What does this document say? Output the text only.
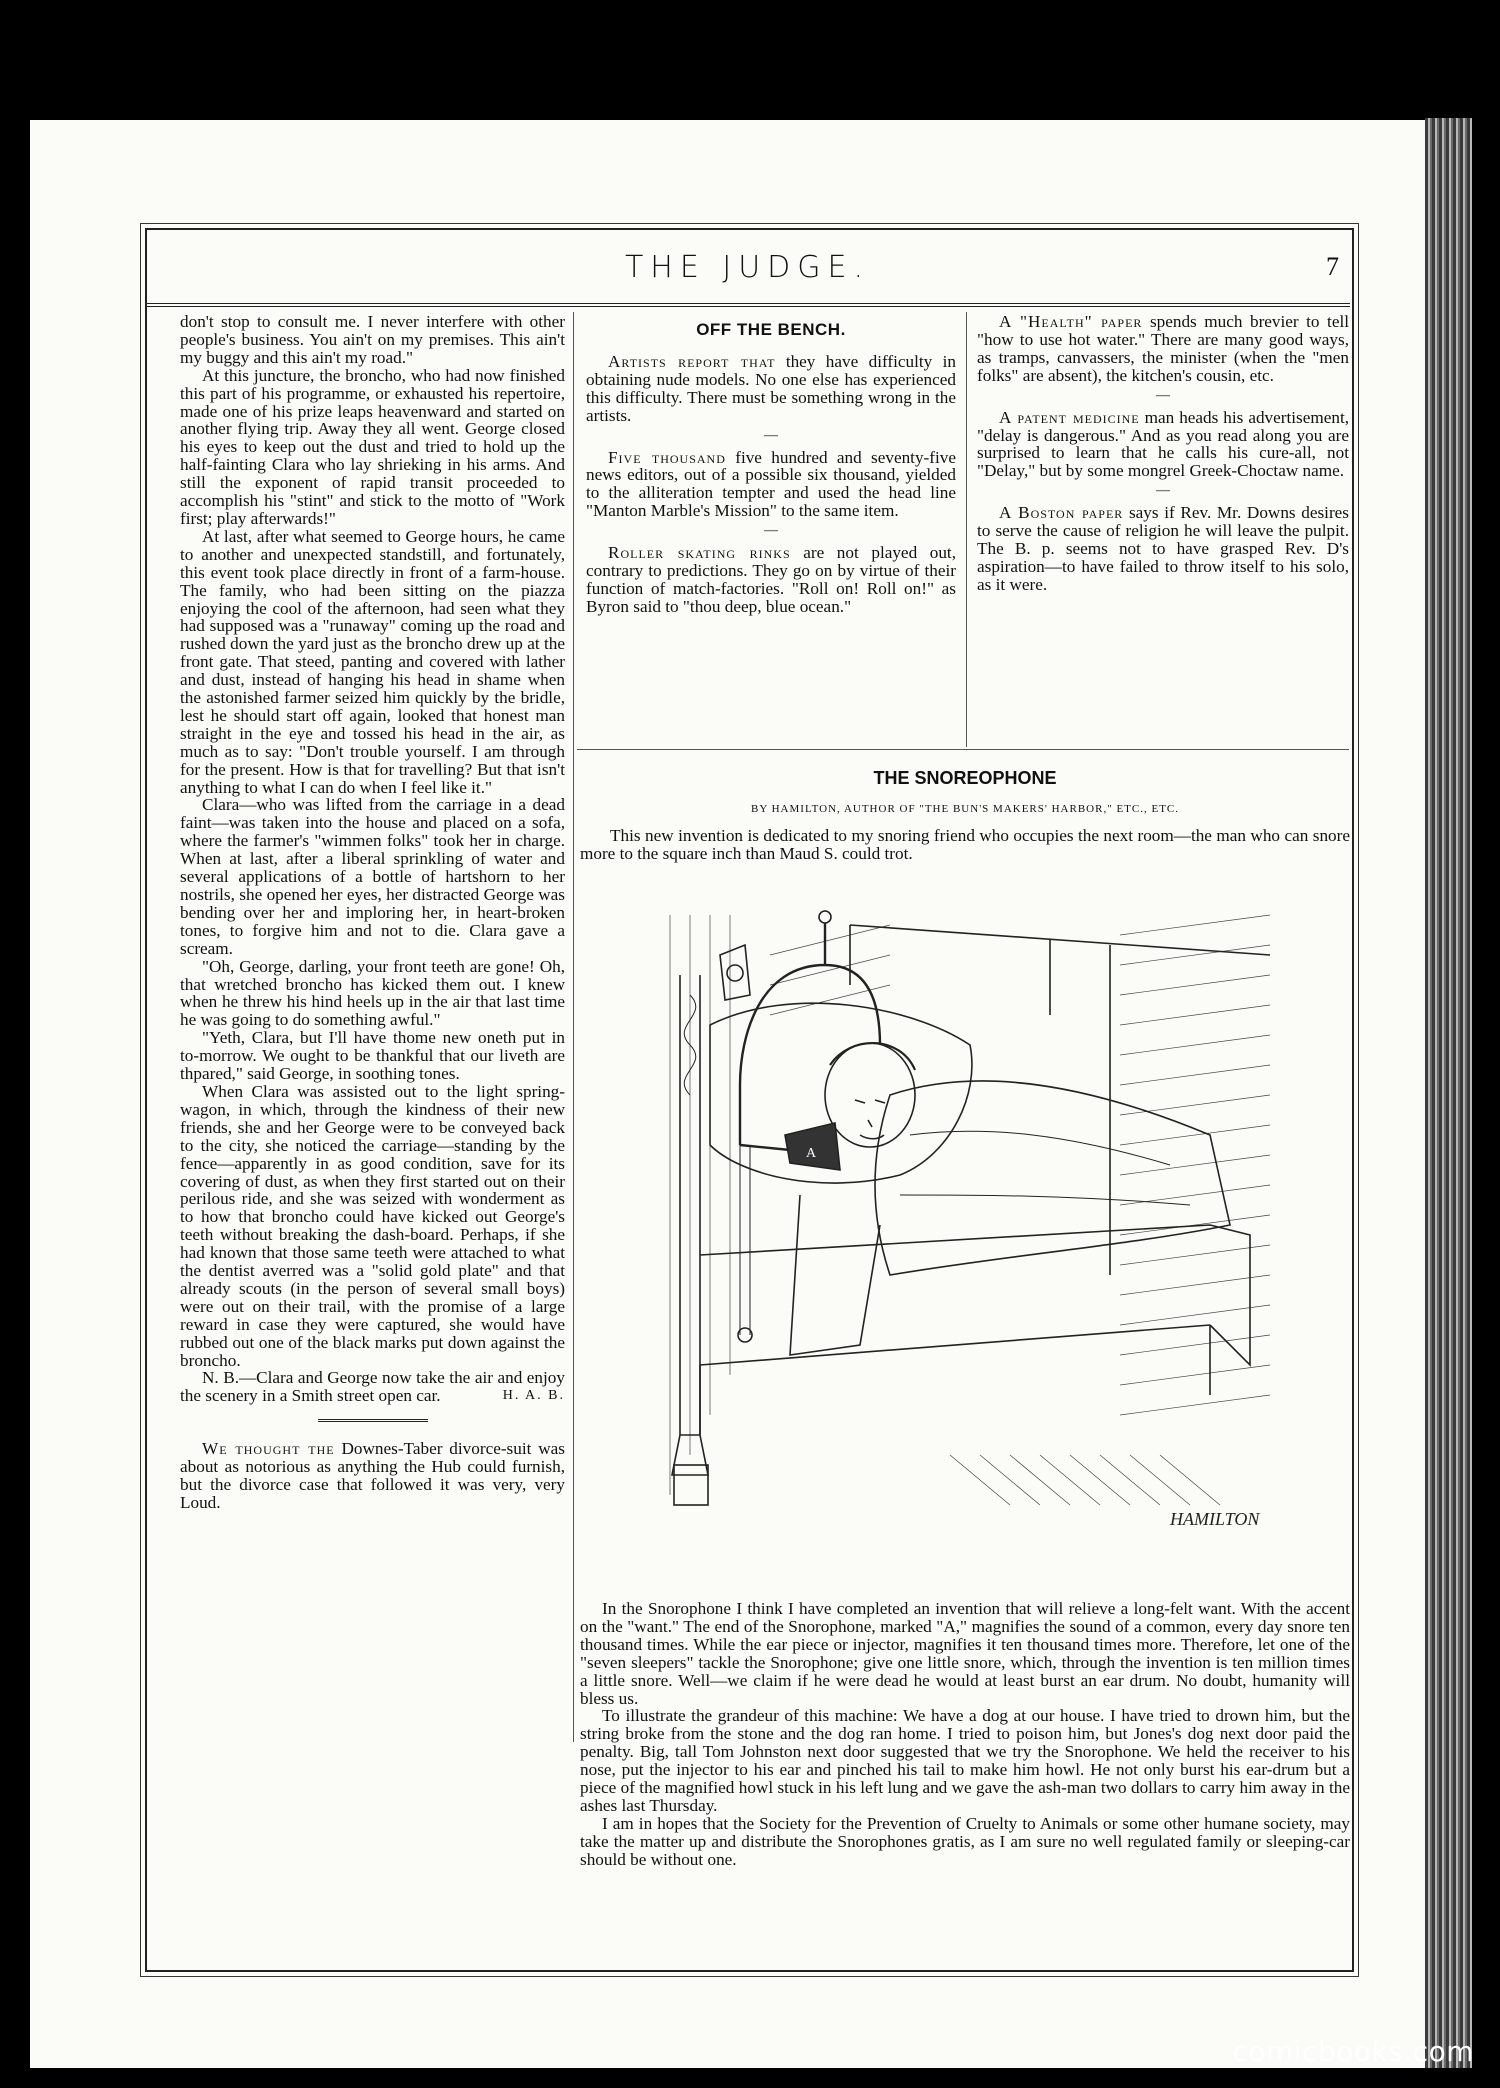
THE JUDGE.	7

don't stop to consult me. I never interfere with other people's business. You ain't on my premises. This ain't my buggy and this ain't my road."

At this juncture, the broncho, who had now finished this part of his programme, or exhausted his repertoire, made one of his prize leaps heavenward and started on another flying trip. Away they all went. George closed his eyes to keep out the dust and tried to hold up the half-fainting Clara who lay shrieking in his arms. And still the exponent of rapid transit proceeded to accomplish his "stint" and stick to the motto of "Work first; play afterwards!"

At last, after what seemed to George hours, he came to another and unexpected standstill, and fortunately, this event took place directly in front of a farm-house. The family, who had been sitting on the piazza enjoying the cool of the afternoon, had seen what they had supposed was a "runaway" coming up the road and rushed down the yard just as the broncho drew up at the front gate. That steed, panting and covered with lather and dust, instead of hanging his head in shame when the astonished farmer seized him quickly by the bridle, lest he should start off again, looked that honest man straight in the eye and tossed his head in the air, as much as to say: "Don't trouble yourself. I am through for the present. How is that for travelling? But that isn't anything to what I can do when I feel like it."

Clara—who was lifted from the carriage in a dead faint—was taken into the house and placed on a sofa, where the farmer's "wimmen folks" took her in charge. When at last, after a liberal sprinkling of water and several applications of a bottle of hartshorn to her nostrils, she opened her eyes, her distracted George was bending over her and imploring her, in heart-broken tones, to forgive him and not to die. Clara gave a scream.

"Oh, George, darling, your front teeth are gone! Oh, that wretched broncho has kicked them out. I knew when he threw his hind heels up in the air that last time he was going to do something awful."

"Yeth, Clara, but I'll have thome new oneth put in to-morrow. We ought to be thankful that our liveth are thpared," said George, in soothing tones.

When Clara was assisted out to the light spring-wagon, in which, through the kindness of their new friends, she and her George were to be conveyed back to the city, she noticed the carriage—standing by the fence—apparently in as good condition, save for its covering of dust, as when they first started out on their perilous ride, and she was seized with wonderment as to how that broncho could have kicked out George's teeth without breaking the dash-board. Perhaps, if she had known that those same teeth were attached to what the dentist averred was a "solid gold plate" and that already scouts (in the person of several small boys) were out on their trail, with the promise of a large reward in case they were captured, she would have rubbed out one of the black marks put down against the broncho.

N. B.—Clara and George now take the air and enjoy the scenery in a Smith street open car.	H. A. B.

We thought the Downes-Taber divorce-suit was about as notorious as anything the Hub could furnish, but the divorce case that followed it was very, very Loud.

OFF THE BENCH.

Artists report that they have difficulty in obtaining nude models. No one else has experienced this difficulty. There must be something wrong in the artists.

—

Five thousand five hundred and seventy-five news editors, out of a possible six thousand, yielded to the alliteration tempter and used the head line "Manton Marble's Mission" to the same item.

—

Roller skating rinks are not played out, contrary to predictions. They go on by virtue of their function of match-factories. "Roll on! Roll on!" as Byron said to "thou deep, blue ocean."

A "Health" paper spends much brevier to tell "how to use hot water." There are many good ways, as tramps, canvassers, the minister (when the "men folks" are absent), the kitchen's cousin, etc.

—

A patent medicine man heads his advertisement, "delay is dangerous." And as you read along you are surprised to learn that he calls his cure-all, not "Delay," but by some mongrel Greek-Choctaw name.

—

A Boston paper says if Rev. Mr. Downs desires to serve the cause of religion he will leave the pulpit. The B. p. seems not to have grasped Rev. D's aspiration—to have failed to throw itself to his solo, as it were.

THE SNOREOPHONE
BY HAMILTON, AUTHOR OF "THE BUN'S MAKERS' HARBOR," ETC., ETC.
This new invention is dedicated to my snoring friend who occupies the next room—the man who can snore more to the square inch than Maud S. could trot.
A
HAMILTON

In the Snorophone I think I have completed an invention that will relieve a long-felt want. With the accent on the "want." The end of the Snorophone, marked "A," magnifies the sound of a common, every day snore ten thousand times. While the ear piece or injector, magnifies it ten thousand times more. Therefore, let one of the "seven sleepers" tackle the Snorophone; give one little snore, which, through the invention is ten million times a little snore. Well—we claim if he were dead he would at least burst an ear drum. No doubt, humanity will bless us.

To illustrate the grandeur of this machine: We have a dog at our house. I have tried to drown him, but the string broke from the stone and the dog ran home. I tried to poison him, but Jones's dog next door paid the penalty. Big, tall Tom Johnston next door suggested that we try the Snorophone. We held the receiver to his nose, put the injector to his ear and pinched his tail to make him howl. He not only burst his ear-drum but a piece of the magnified howl stuck in his left lung and we gave the ash-man two dollars to carry him away in the ashes last Thursday.

I am in hopes that the Society for the Prevention of Cruelty to Animals or some other humane society, may take the matter up and distribute the Snorophones gratis, as I am sure no well regulated family or sleeping-car should be without one.

comicbooks.com
